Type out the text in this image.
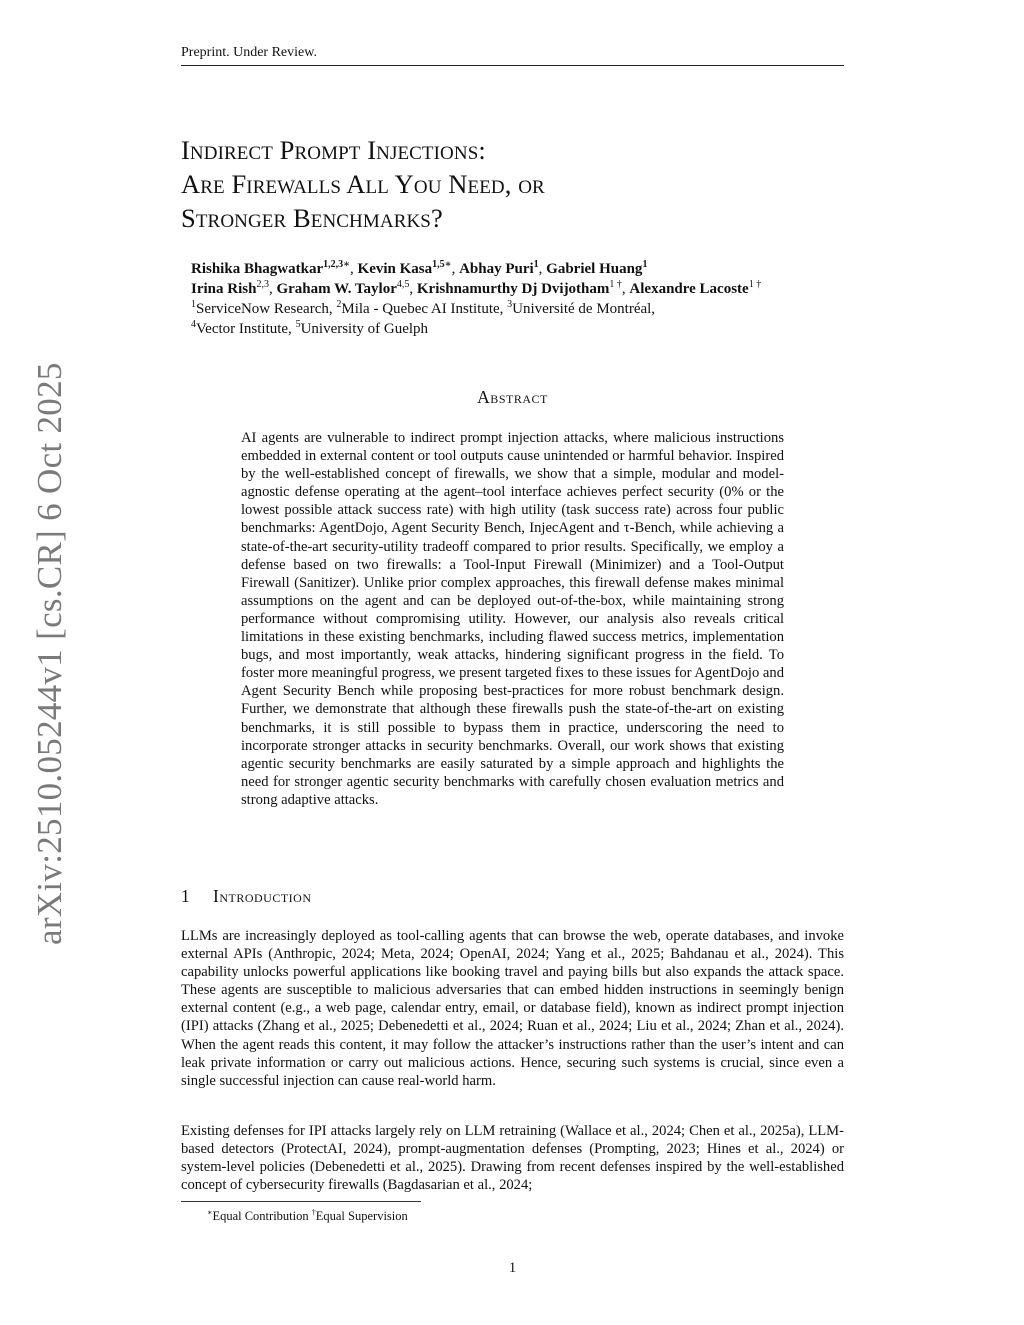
Preprint. Under Review.
Indirect Prompt Injections:
Are Firewalls All You Need, or
Stronger Benchmarks?
Rishika Bhagwatkar$^{1,2,3∗}$, Kevin Kasa$^{1,5∗}$, Abhay Puri$^1$, Gabriel Huang$^1$
Irina Rish$^{2,3}$, Graham W. Taylor$^{4,5}$, Krishnamurthy Dj Dvijotham$^{1 \dagger}$, Alexandre Lacoste$^{1 \dagger}$
$^1$ServiceNow Research, $^2$Mila - Quebec AI Institute, $^3$Université de Montréal,
$^4$Vector Institute, $^5$University of Guelph
Abstract
AI agents are vulnerable to indirect prompt injection attacks, where malicious instructions embedded in external content or tool outputs cause unintended or harmful behavior. Inspired by the well-established concept of firewalls, we show that a simple, modular and model-agnostic defense operating at the agent–tool interface achieves perfect security (0% or the lowest possible attack success rate) with high utility (task success rate) across four public benchmarks: AgentDojo, Agent Security Bench, InjecAgent and τ-Bench, while achieving a state-of-the-art security-utility tradeoff compared to prior results. Specifically, we employ a defense based on two firewalls: a Tool-Input Firewall (Minimizer) and a Tool-Output Firewall (Sanitizer). Unlike prior complex approaches, this firewall defense makes minimal assumptions on the agent and can be deployed out-of-the-box, while maintaining strong performance without compromising utility. However, our analysis also reveals critical limitations in these existing benchmarks, including flawed success metrics, implementation bugs, and most importantly, weak attacks, hindering significant progress in the field. To foster more meaningful progress, we present targeted fixes to these issues for AgentDojo and Agent Security Bench while proposing best-practices for more robust benchmark design. Further, we demonstrate that although these firewalls push the state-of-the-art on existing benchmarks, it is still possible to bypass them in practice, underscoring the need to incorporate stronger attacks in security benchmarks. Overall, our work shows that existing agentic security benchmarks are easily saturated by a simple approach and highlights the need for stronger agentic security benchmarks with carefully chosen evaluation metrics and strong adaptive attacks.
1 Introduction
LLMs are increasingly deployed as tool-calling agents that can browse the web, operate databases, and invoke external APIs (Anthropic, 2024; Meta, 2024; OpenAI, 2024; Yang et al., 2025; Bahdanau et al., 2024). This capability unlocks powerful applications like booking travel and paying bills but also expands the attack space. These agents are susceptible to malicious adversaries that can embed hidden instructions in seemingly benign external content (e.g., a web page, calendar entry, email, or database field), known as indirect prompt injection (IPI) attacks (Zhang et al., 2025; Debenedetti et al., 2024; Ruan et al., 2024; Liu et al., 2024; Zhan et al., 2024). When the agent reads this content, it may follow the attacker’s instructions rather than the user’s intent and can leak private information or carry out malicious actions. Hence, securing such systems is crucial, since even a single successful injection can cause real-world harm.
Existing defenses for IPI attacks largely rely on LLM retraining (Wallace et al., 2024; Chen et al., 2025a), LLM-based detectors (ProtectAI, 2024), prompt-augmentation defenses (Prompting, 2023; Hines et al., 2024) or system-level policies (Debenedetti et al., 2025). Drawing from recent defenses inspired by the well-established concept of cybersecurity firewalls (Bagdasarian et al., 2024;
∗Equal Contribution †Equal Supervision
1
arXiv:2510.05244v1 [cs.CR] 6 Oct 2025
